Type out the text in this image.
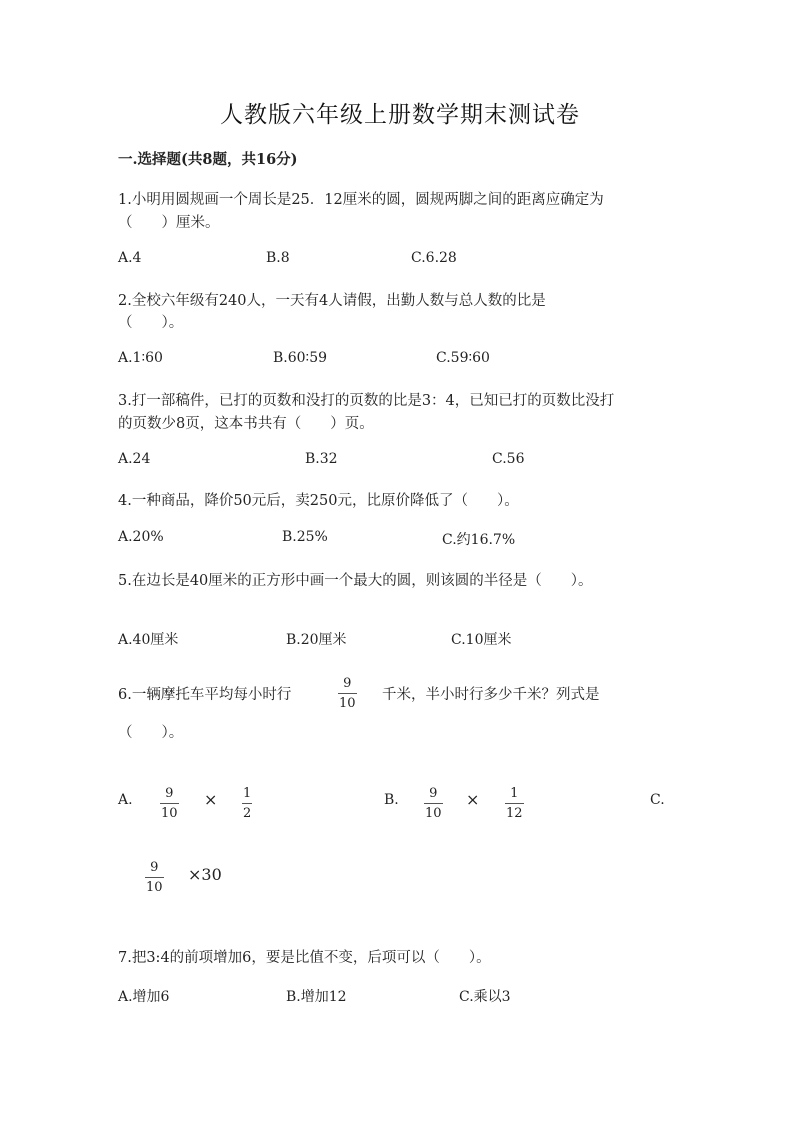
人教版六年级上册数学期末测试卷
一.选择题(共8题，共16分)
1.小明用圆规画一个周长是25．12厘米的圆，圆规两脚之间的距离应确定为
（　　）厘米。
A.4	B.8	C.6.28
2.全校六年级有240人，一天有4人请假，出勤人数与总人数的比是
（　　）。
A.1∶60	B.60∶59	C.59∶60
3.打一部稿件，已打的页数和没打的页数的比是3：4，已知已打的页数比没打
的页数少8页，这本书共有（　　）页。
A.24	B.32	C.56
4.一种商品，降价50元后，卖250元，比原价降低了（　　）。
A.20%	B.25%	C.约16.7%
5.在边长是40厘米的正方形中画一个最大的圆，则该圆的半径是（　　）。
A.40厘米	B.20厘米	C.10厘米
6.一辆摩托车平均每小时行
9
10
千米，半小时行多少千米？列式是
（　　）。
A.	9
10
× 1
2
B. 9
10
× 1
12
C.
9
10
×30
7.把3:4的前项增加6，要是比值不变，后项可以（　　）。
A.增加6	B.增加12	C.乘以3
